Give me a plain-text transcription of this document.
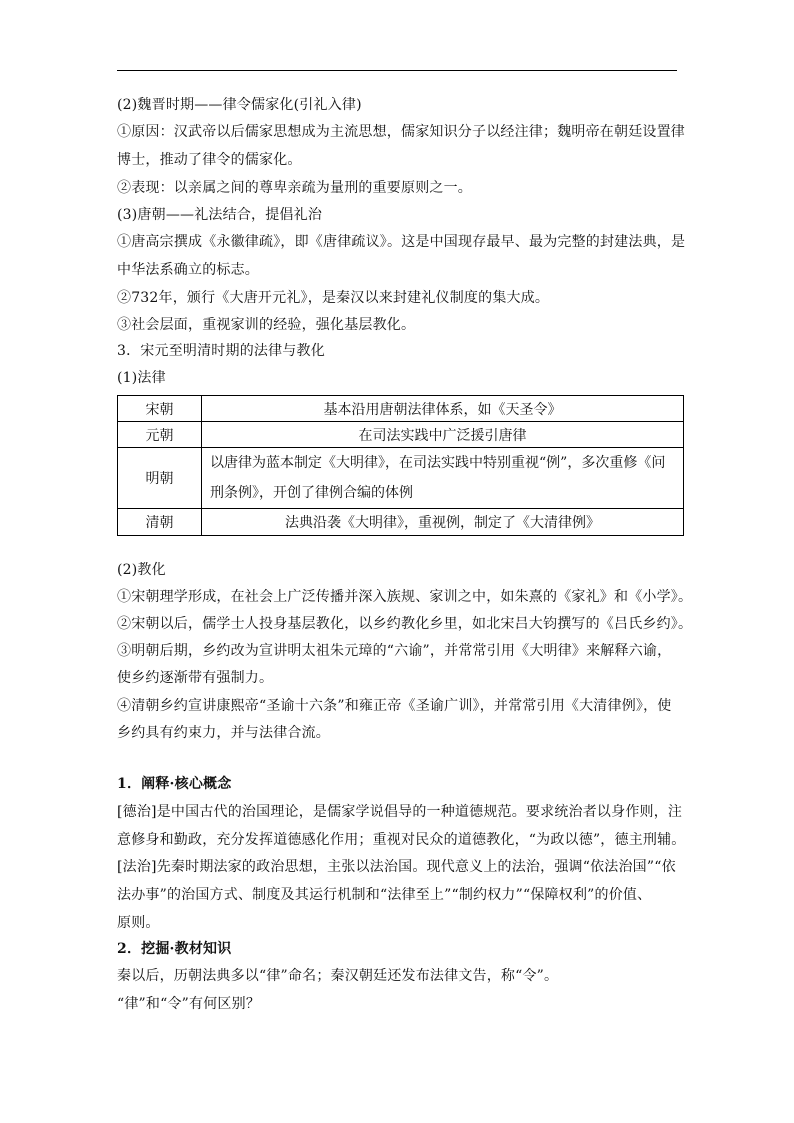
(2)魏晋时期——律令儒家化(引礼入律)
①原因：汉武帝以后儒家思想成为主流思想，儒家知识分子以经注律；魏明帝在朝廷设置律
博士，推动了律令的儒家化。
②表现：以亲属之间的尊卑亲疏为量刑的重要原则之一。
(3)唐朝——礼法结合，提倡礼治
①唐高宗撰成《永徽律疏》，即《唐律疏议》。这是中国现存最早、最为完整的封建法典，是
中华法系确立的标志。
②732年，颁行《大唐开元礼》，是秦汉以来封建礼仪制度的集大成。
③社会层面，重视家训的经验，强化基层教化。
3．宋元至明清时期的法律与教化
(1)法律
宋朝	基本沿用唐朝法律体系，如《天圣令》
元朝	在司法实践中广泛援引唐律
明朝	以唐律为蓝本制定《大明律》，在司法实践中特别重视“例”，多次重修《问
刑条例》，开创了律例合编的体例

清朝	法典沿袭《大明律》，重视例，制定了《大清律例》
(2)教化
①宋朝理学形成，在社会上广泛传播并深入族规、家训之中，如朱熹的《家礼》和《小学》。
②宋朝以后，儒学士人投身基层教化，以乡约教化乡里，如北宋吕大钧撰写的《吕氏乡约》。
③明朝后期，乡约改为宣讲明太祖朱元璋的“六谕”，并常常引用《大明律》来解释六谕，
使乡约逐渐带有强制力。
④清朝乡约宣讲康熙帝“圣谕十六条”和雍正帝《圣谕广训》，并常常引用《大清律例》，使
乡约具有约束力，并与法律合流。
1．阐释·核心概念
[德治]是中国古代的治国理论，是儒家学说倡导的一种道德规范。要求统治者以身作则，注
意修身和勤政，充分发挥道德感化作用；重视对民众的道德教化，“为政以德”，德主刑辅。
[法治]先秦时期法家的政治思想，主张以法治国。现代意义上的法治，强调“依法治国”“依
法办事”的治国方式、制度及其运行机制和“法律至上”“制约权力”“保障权利”的价值、
原则。
2．挖掘·教材知识
秦以后，历朝法典多以“律”命名；秦汉朝廷还发布法律文告，称“令”。
“律”和“令”有何区别？
